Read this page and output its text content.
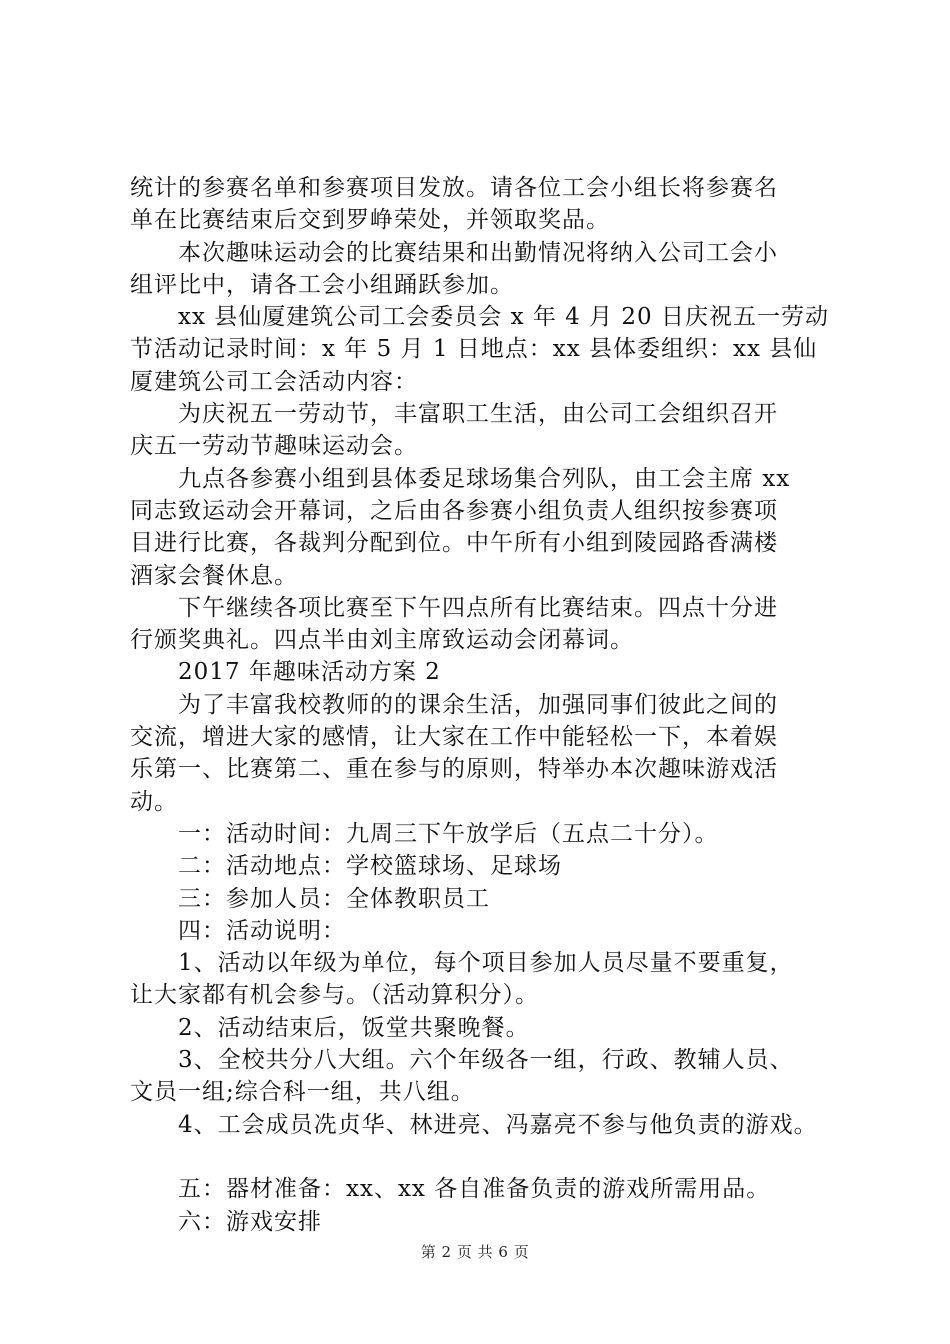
统计的参赛名单和参赛项目发放。请各位工会小组长将参赛名
单在比赛结束后交到罗峥荣处，并领取奖品。
本次趣味运动会的比赛结果和出勤情况将纳入公司工会小
组评比中，请各工会小组踊跃参加。
xx 县仙厦建筑公司工会委员会 x 年 4 月 20 日庆祝五一劳动
节活动记录时间：x 年 5 月 1 日地点：xx 县体委组织：xx 县仙
厦建筑公司工会活动内容：
为庆祝五一劳动节，丰富职工生活，由公司工会组织召开
庆五一劳动节趣味运动会。
九点各参赛小组到县体委足球场集合列队，由工会主席 xx
同志致运动会开幕词，之后由各参赛小组负责人组织按参赛项
目进行比赛，各裁判分配到位。中午所有小组到陵园路香满楼
酒家会餐休息。
下午继续各项比赛至下午四点所有比赛结束。四点十分进
行颁奖典礼。四点半由刘主席致运动会闭幕词。
2017 年趣味活动方案 2
为了丰富我校教师的的课余生活，加强同事们彼此之间的
交流，增进大家的感情，让大家在工作中能轻松一下，本着娱
乐第一、比赛第二、重在参与的原则，特举办本次趣味游戏活
动。
一：活动时间：九周三下午放学后（五点二十分）。
二：活动地点：学校篮球场、足球场
三：参加人员：全体教职员工
四：活动说明：
1、活动以年级为单位，每个项目参加人员尽量不要重复，
让大家都有机会参与。（活动算积分）。
2、活动结束后，饭堂共聚晚餐。
3、全校共分八大组。六个年级各一组，行政、教辅人员、
文员一组;综合科一组，共八组。
4、工会成员冼贞华、林进亮、冯嘉亮不参与他负责的游戏。
五：器材准备：xx、xx 各自准备负责的游戏所需用品。
六：游戏安排
第 2 页 共 6 页
